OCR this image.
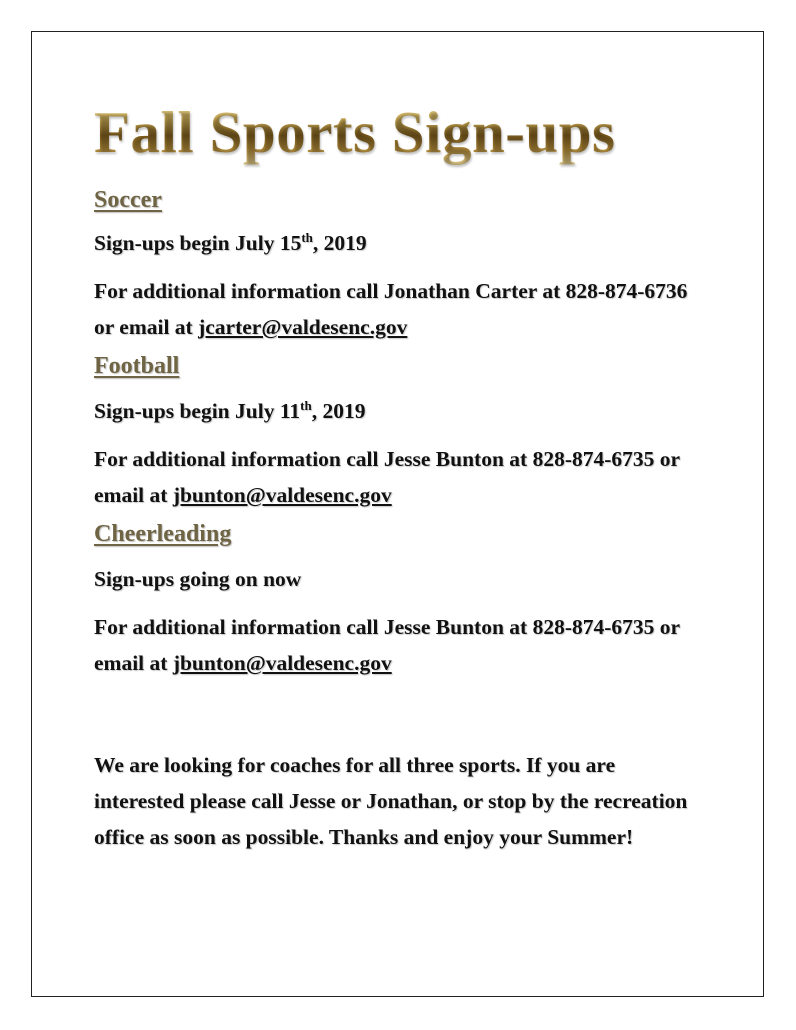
Fall Sports Sign-ups
Soccer

Sign-ups begin July 15th, 2019

For additional information call Jonathan Carter at 828-874-6736

or email at jcarter@valdesenc.gov

Football

Sign-ups begin July 11th, 2019

For additional information call Jesse Bunton at 828-874-6735 or

email at jbunton@valdesenc.gov

Cheerleading

Sign-ups going on now

For additional information call Jesse Bunton at 828-874-6735 or

email at jbunton@valdesenc.gov

We are looking for coaches for all three sports. If you are

interested please call Jesse or Jonathan, or stop by the recreation

office as soon as possible. Thanks and enjoy your Summer!
